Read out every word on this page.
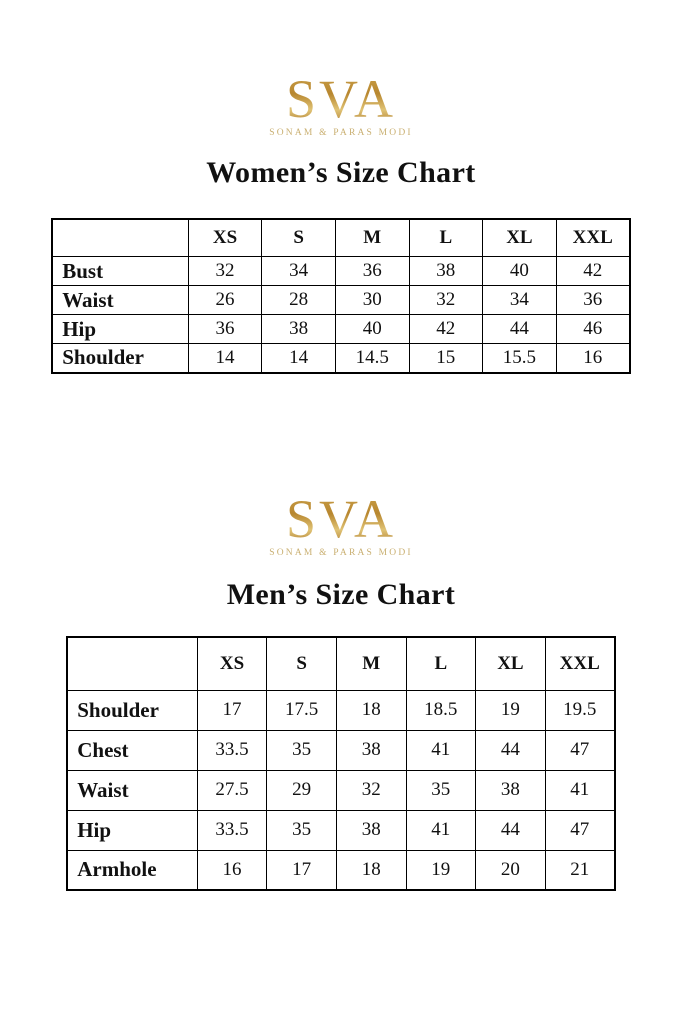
SVA
SONAM & PARAS MODI
Women’s Size Chart
	XS	S	M	L	XL	XXL
Bust	32	34	36	38	40	42
Waist	26	28	30	32	34	36
Hip	36	38	40	42	44	46
Shoulder	14	14	14.5	15	15.5	16
SVA
SONAM & PARAS MODI
Men’s Size Chart
	XS	S	M	L	XL	XXL
Shoulder	17	17.5	18	18.5	19	19.5
Chest	33.5	35	38	41	44	47
Waist	27.5	29	32	35	38	41
Hip	33.5	35	38	41	44	47
Armhole	16	17	18	19	20	21
